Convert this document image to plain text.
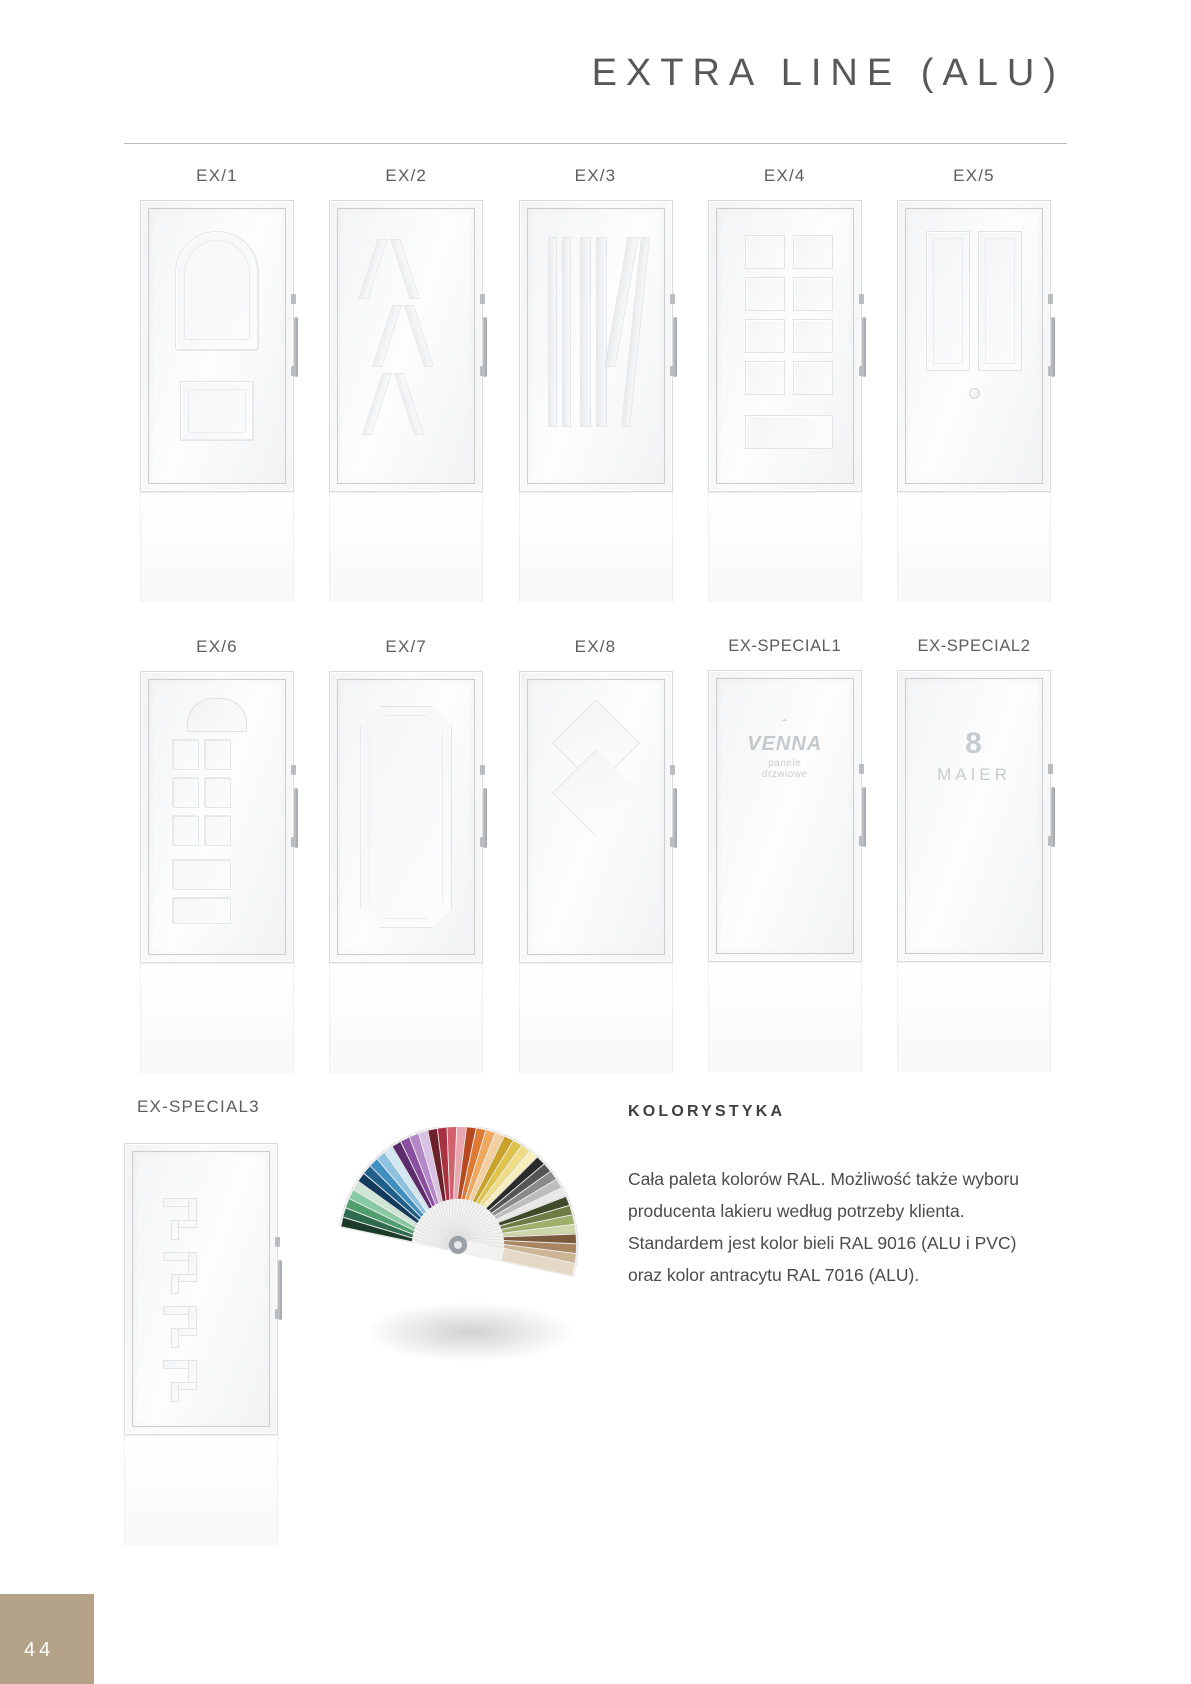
EXTRA LINE (ALU)
EX/1	EX/2	EX/3	EX/4	EX/5
EX/6	EX/7	EX/8	EX-SPECIAL1
VENNA
panele
drzwiowe
EX-SPECIAL2
8
MAIER
EX-SPECIAL3	KOLORYSTYKA
Cała paleta kolorów RAL. Możliwość także wyboru producenta lakieru według potrzeby klienta. Standardem jest kolor bieli RAL 9016 (ALU i PVC) oraz kolor antracytu RAL 7016 (ALU).
44
